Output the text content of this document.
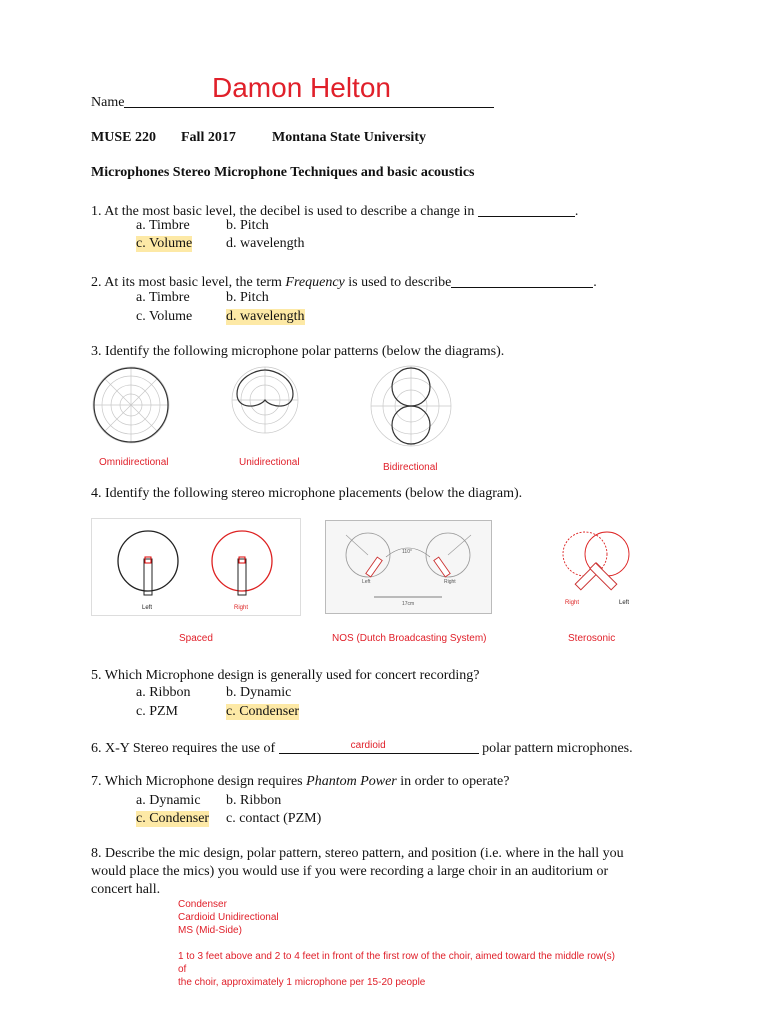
Name	Damon Helton
MUSE 220 Fall 2017	Montana State University
Microphones Stereo Microphone Techniques and basic acoustics
1. At the most basic level, the decibel is used to describe a change in	.
a. Timbre	b. Pitch
c. Volume d. wavelength
2. At its most basic level, the term Frequency is used to describe	.
a. Timbre	b. Pitch
c. Volume d. wavelength
3. Identify the following microphone polar patterns (below the diagrams).
Omnidirectional	Unidirectional	Bidirectional
4. Identify the following stereo microphone placements (below the diagram).
Left	Right
110°
Left	Right
17cm	Right	Left
Spaced	NOS (Dutch Broadcasting System)	Sterosonic
5. Which Microphone design is generally used for concert recording?
a. Ribbon	b. Dynamic
c. PZM	c. Condenser
6. X-Y Stereo requires the use of	cardioid	polar pattern microphones.
7. Which Microphone design requires Phantom Power in order to operate?
a. Dynamic b. Ribbon
c. Condenser c. contact (PZM)
8. Describe the mic design, polar pattern, stereo pattern, and position (i.e. where in the hall you
would place the mics) you would use if you were recording a large choir in an auditorium or
concert hall.
Condenser
Cardioid Unidirectional
MS (Mid-Side)
1 to 3 feet above and 2 to 4 feet in front of the first row of the choir, aimed toward the middle row(s)
of
the choir, approximately 1 microphone per 15-20 people
